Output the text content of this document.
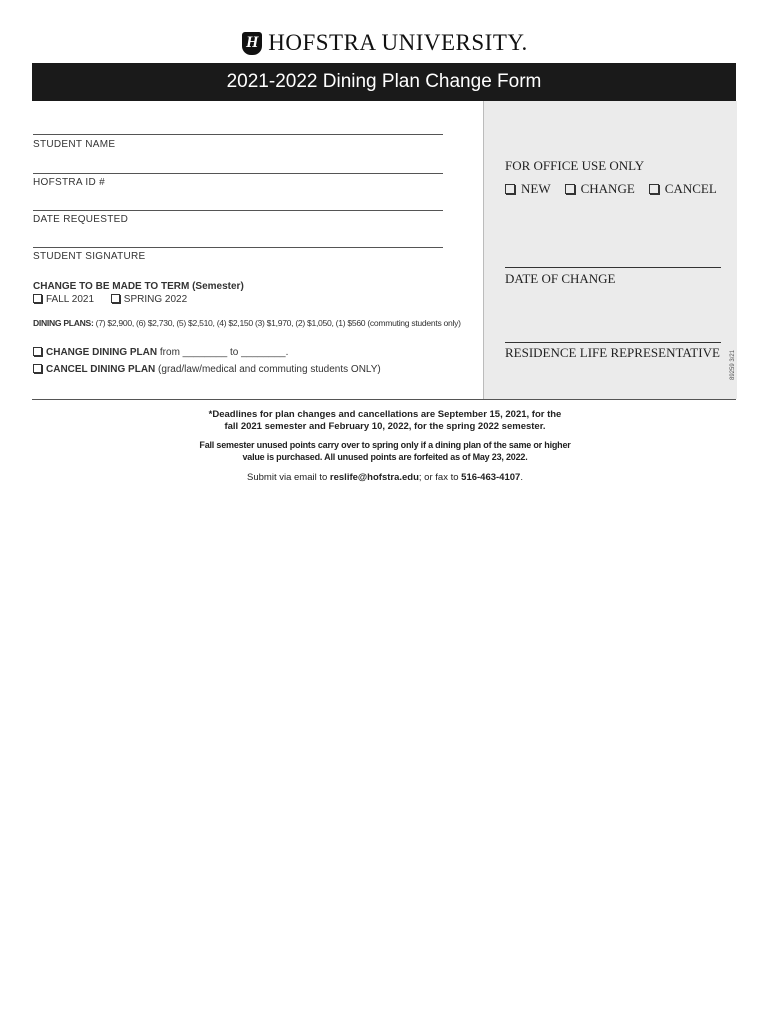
H HOFSTRA UNIVERSITY.
2021-2022 Dining Plan Change Form
STUDENT NAME
HOFSTRA ID #
DATE REQUESTED
STUDENT SIGNATURE
CHANGE TO BE MADE TO TERM (Semester)
FALL 2021	SPRING 2022
DINING PLANS: (7) $2,900, (6) $2,730, (5) $2,510, (4) $2,150 (3) $1,970, (2) $1,050, (1) $560 (commuting students only)
CHANGE DINING PLAN from ________ to ________.
CANCEL DINING PLAN (grad/law/medical and commuting students ONLY)
FOR OFFICE USE ONLY
NEW CHANGE CANCEL
DATE OF CHANGE
RESIDENCE LIFE REPRESENTATIVE 89259 3/21

*Deadlines for plan changes and cancellations are September 15, 2021, for the

fall 2021 semester and February 10, 2022, for the spring 2022 semester.

Fall semester unused points carry over to spring only if a dining plan of the same or higher

value is purchased. All unused points are forfeited as of May 23, 2022.

Submit via email to reslife@hofstra.edu; or fax to 516-463-4107.
